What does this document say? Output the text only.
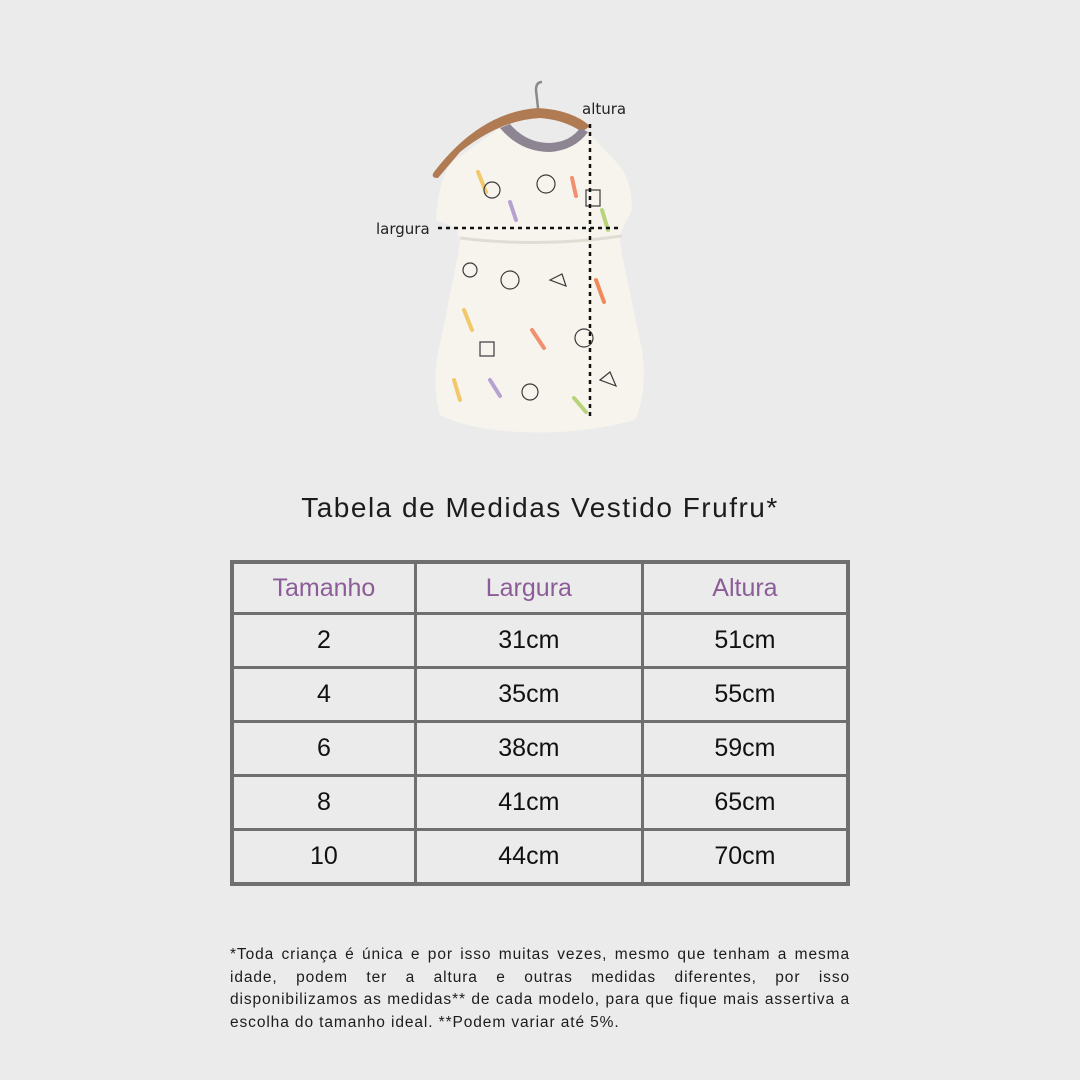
altura
largura
Tabela de Medidas Vestido Frufru*
Tamanho	Largura	Altura
2	31cm	51cm
4	35cm	55cm
6	38cm	59cm
8	41cm	65cm
10	44cm	70cm
*Toda criança é única e por isso muitas vezes, mesmo que tenham a mesma idade, podem ter a altura e outras medidas diferentes, por isso disponibilizamos as medidas** de cada modelo, para que fique mais assertiva a escolha do tamanho ideal. **Podem variar até 5%.
